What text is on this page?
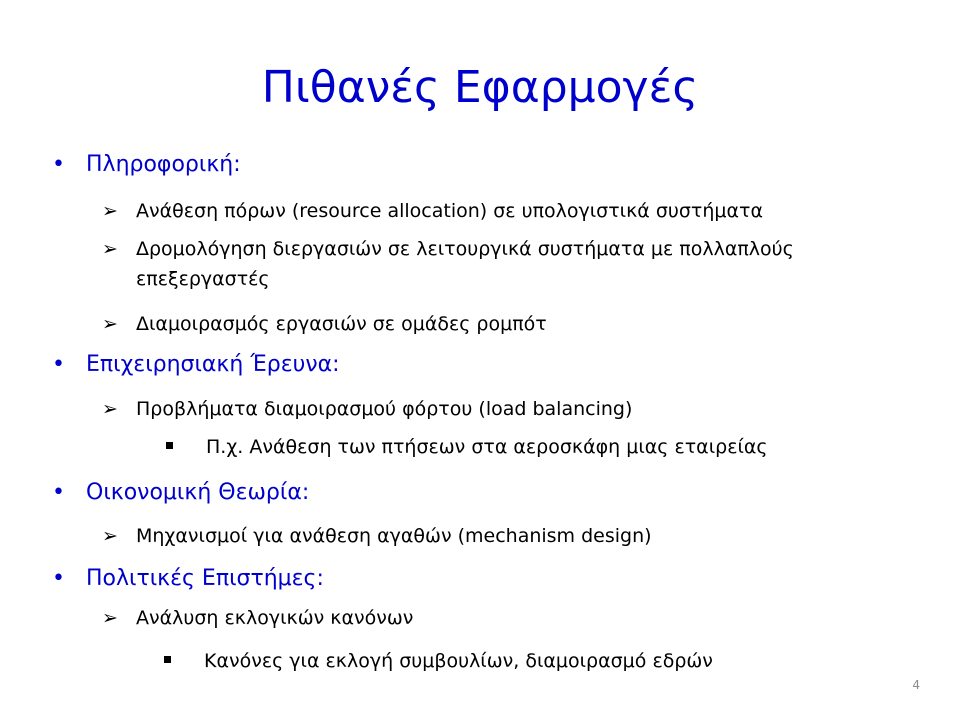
Πιθανές Εφαρμογές
• Πληροφορική:
➢ Ανάθεση πόρων (resource allocation) σε υπολογιστικά συστήματα
➢ Δρομολόγηση διεργασιών σε λειτουργικά συστήματα με πολλαπλούς
επεξεργαστές
➢ Διαμοιρασμός εργασιών σε ομάδες ρομπότ
• Επιχειρησιακή Έρευνα:
➢ Προβλήματα διαμοιρασμού φόρτου (load balancing)
Π.χ. Ανάθεση των πτήσεων στα αεροσκάφη μιας εταιρείας
• Οικονομική Θεωρία:
➢ Μηχανισμοί για ανάθεση αγαθών (mechanism design)
• Πολιτικές Επιστήμες:
➢ Ανάλυση εκλογικών κανόνων
Κανόνες για εκλογή συμβουλίων, διαμοιρασμό εδρών
4
